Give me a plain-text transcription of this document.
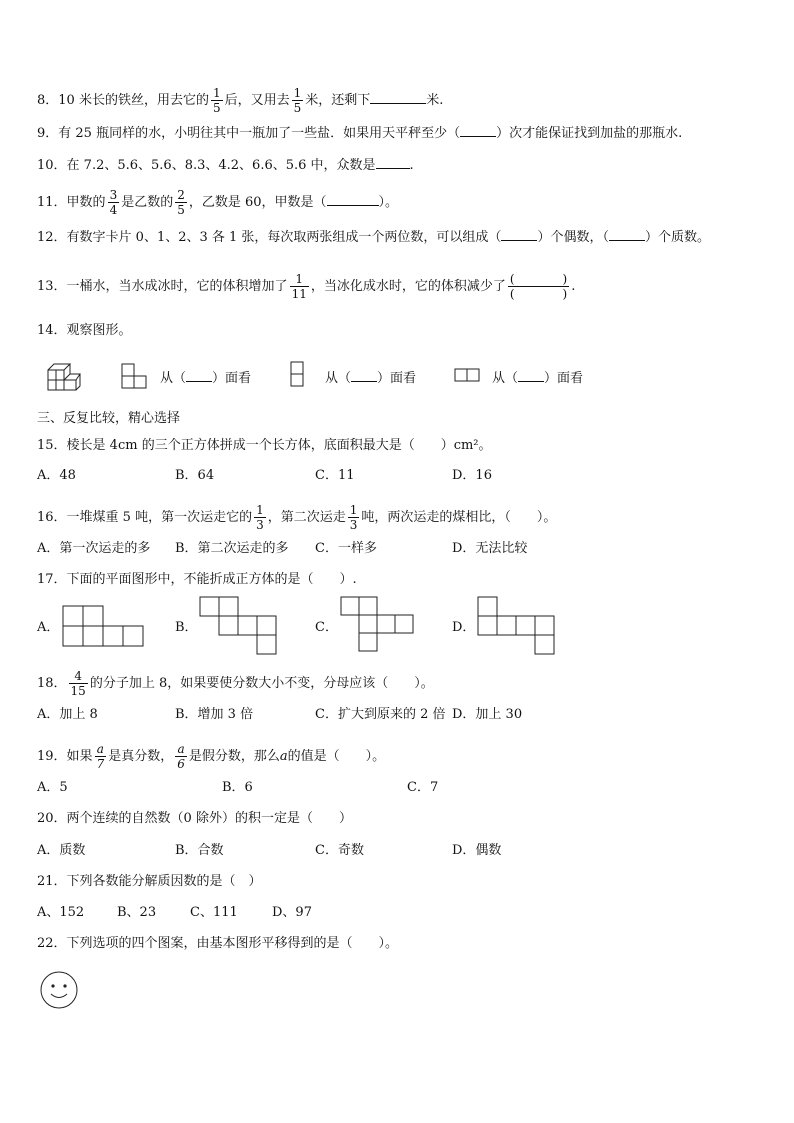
8．10 米长的铁丝，用去它的 $\frac{1}{5}$ 后，又用去 $\frac{1}{5}$ 米，还剩下	米.
9．有 25 瓶同样的水，小明往其中一瓶加了一些盐．如果用天平秤至少（	）次才能保证找到加盐的那瓶水.
10．在 7.2、5.6、5.6、8.3、4.2、6.6、5.6 中，众数是	.
11．甲数的 $\frac{3}{4}$ 是乙数的 $\frac{2}{5}$ ，乙数是 60，甲数是（	）。
12．有数字卡片 0、1、2、3 各 1 张，每次取两张组成一个两位数，可以组成（	）个偶数，（	）个质数。
13．一桶水，当水成冰时，它的体积增加了 $\frac{1}{11}$ ，当冰化成水时，它的体积减少了 $\frac{( )}{( )}$ .
14．观察图形。
从（ ）面看	从（ ）面看	从（ ）面看
三、反复比较，精心选择
15．棱长是 4cm 的三个正方体拼成一个长方体，底面积最大是（　　）cm²。
A．48	B．64	C．11	D．16
16．一堆煤重 5 吨，第一次运走它的 $\frac{1}{3}$ ，第二次运走 $\frac{1}{3}$ 吨，两次运走的煤相比，（　　）。
A．第一次运走的多 B．第二次运走的多 C．一样多	D．无法比较
17．下面的平面图形中，不能折成正方体的是（　　）.
A．	B．	C．	D．
18． $\frac{4}{15}$ 的分子加上 8，如果要使分数大小不变，分母应该（　　）。
A．加上 8	B．增加 3 倍	C．扩大到原来的 2 倍 D．加上 30
19．如果 $\frac{a}{7}$ 是真分数， $\frac{a}{6}$ 是假分数，那么a的值是（　　）。
A．5	B．6	C．7
20．两个连续的自然数（0 除外）的积一定是（　　）
A．质数	B．合数	C．奇数	D．偶数
21．下列各数能分解质因数的是（　）
A、152	B、23	C、111	D、97
22．下列选项的四个图案，由基本图形平移得到的是（　　）。
